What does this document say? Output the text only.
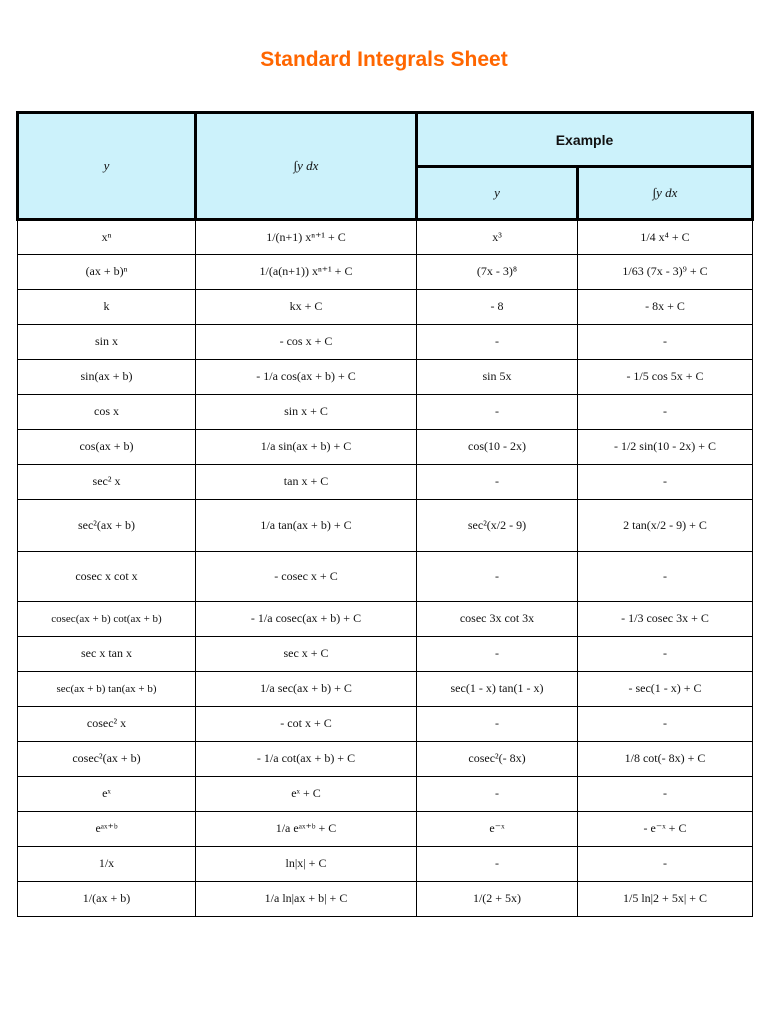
Standard Integrals Sheet
y	∫y dx	Example	
		y	∫y dx
xⁿ	1/(n+1) xⁿ⁺¹ + C	x³	1/4 x⁴ + C
(ax + b)ⁿ	1/(a(n+1)) xⁿ⁺¹ + C	(7x - 3)⁸	1/63 (7x - 3)⁹ + C
k	kx + C	- 8	- 8x + C
sin x	- cos x + C	-	-
sin(ax + b)	- 1/a cos(ax + b) + C	sin 5x	- 1/5 cos 5x + C
cos x	sin x + C	-	-
cos(ax + b)	1/a sin(ax + b) + C	cos(10 - 2x)	- 1/2 sin(10 - 2x) + C
sec² x	tan x + C	-	-
sec²(ax + b)	1/a tan(ax + b) + C	sec²(x/2 - 9)	2 tan(x/2 - 9) + C
cosec x cot x	- cosec x + C	-	-
cosec(ax + b) cot(ax + b)	- 1/a cosec(ax + b) + C	cosec 3x cot 3x	- 1/3 cosec 3x + C
sec x tan x	sec x + C	-	-
sec(ax + b) tan(ax + b)	1/a sec(ax + b) + C	sec(1 - x) tan(1 - x)	- sec(1 - x) + C
cosec² x	- cot x + C	-	-
cosec²(ax + b)	- 1/a cot(ax + b) + C	cosec²(- 8x)	1/8 cot(- 8x) + C
eˣ	eˣ + C	-	-
eᵃˣ⁺ᵇ	1/a eᵃˣ⁺ᵇ + C	e⁻ˣ	- e⁻ˣ + C
1/x	ln|x| + C	-	-
1/(ax + b)	1/a ln|ax + b| + C	1/(2 + 5x)	1/5 ln|2 + 5x| + C
